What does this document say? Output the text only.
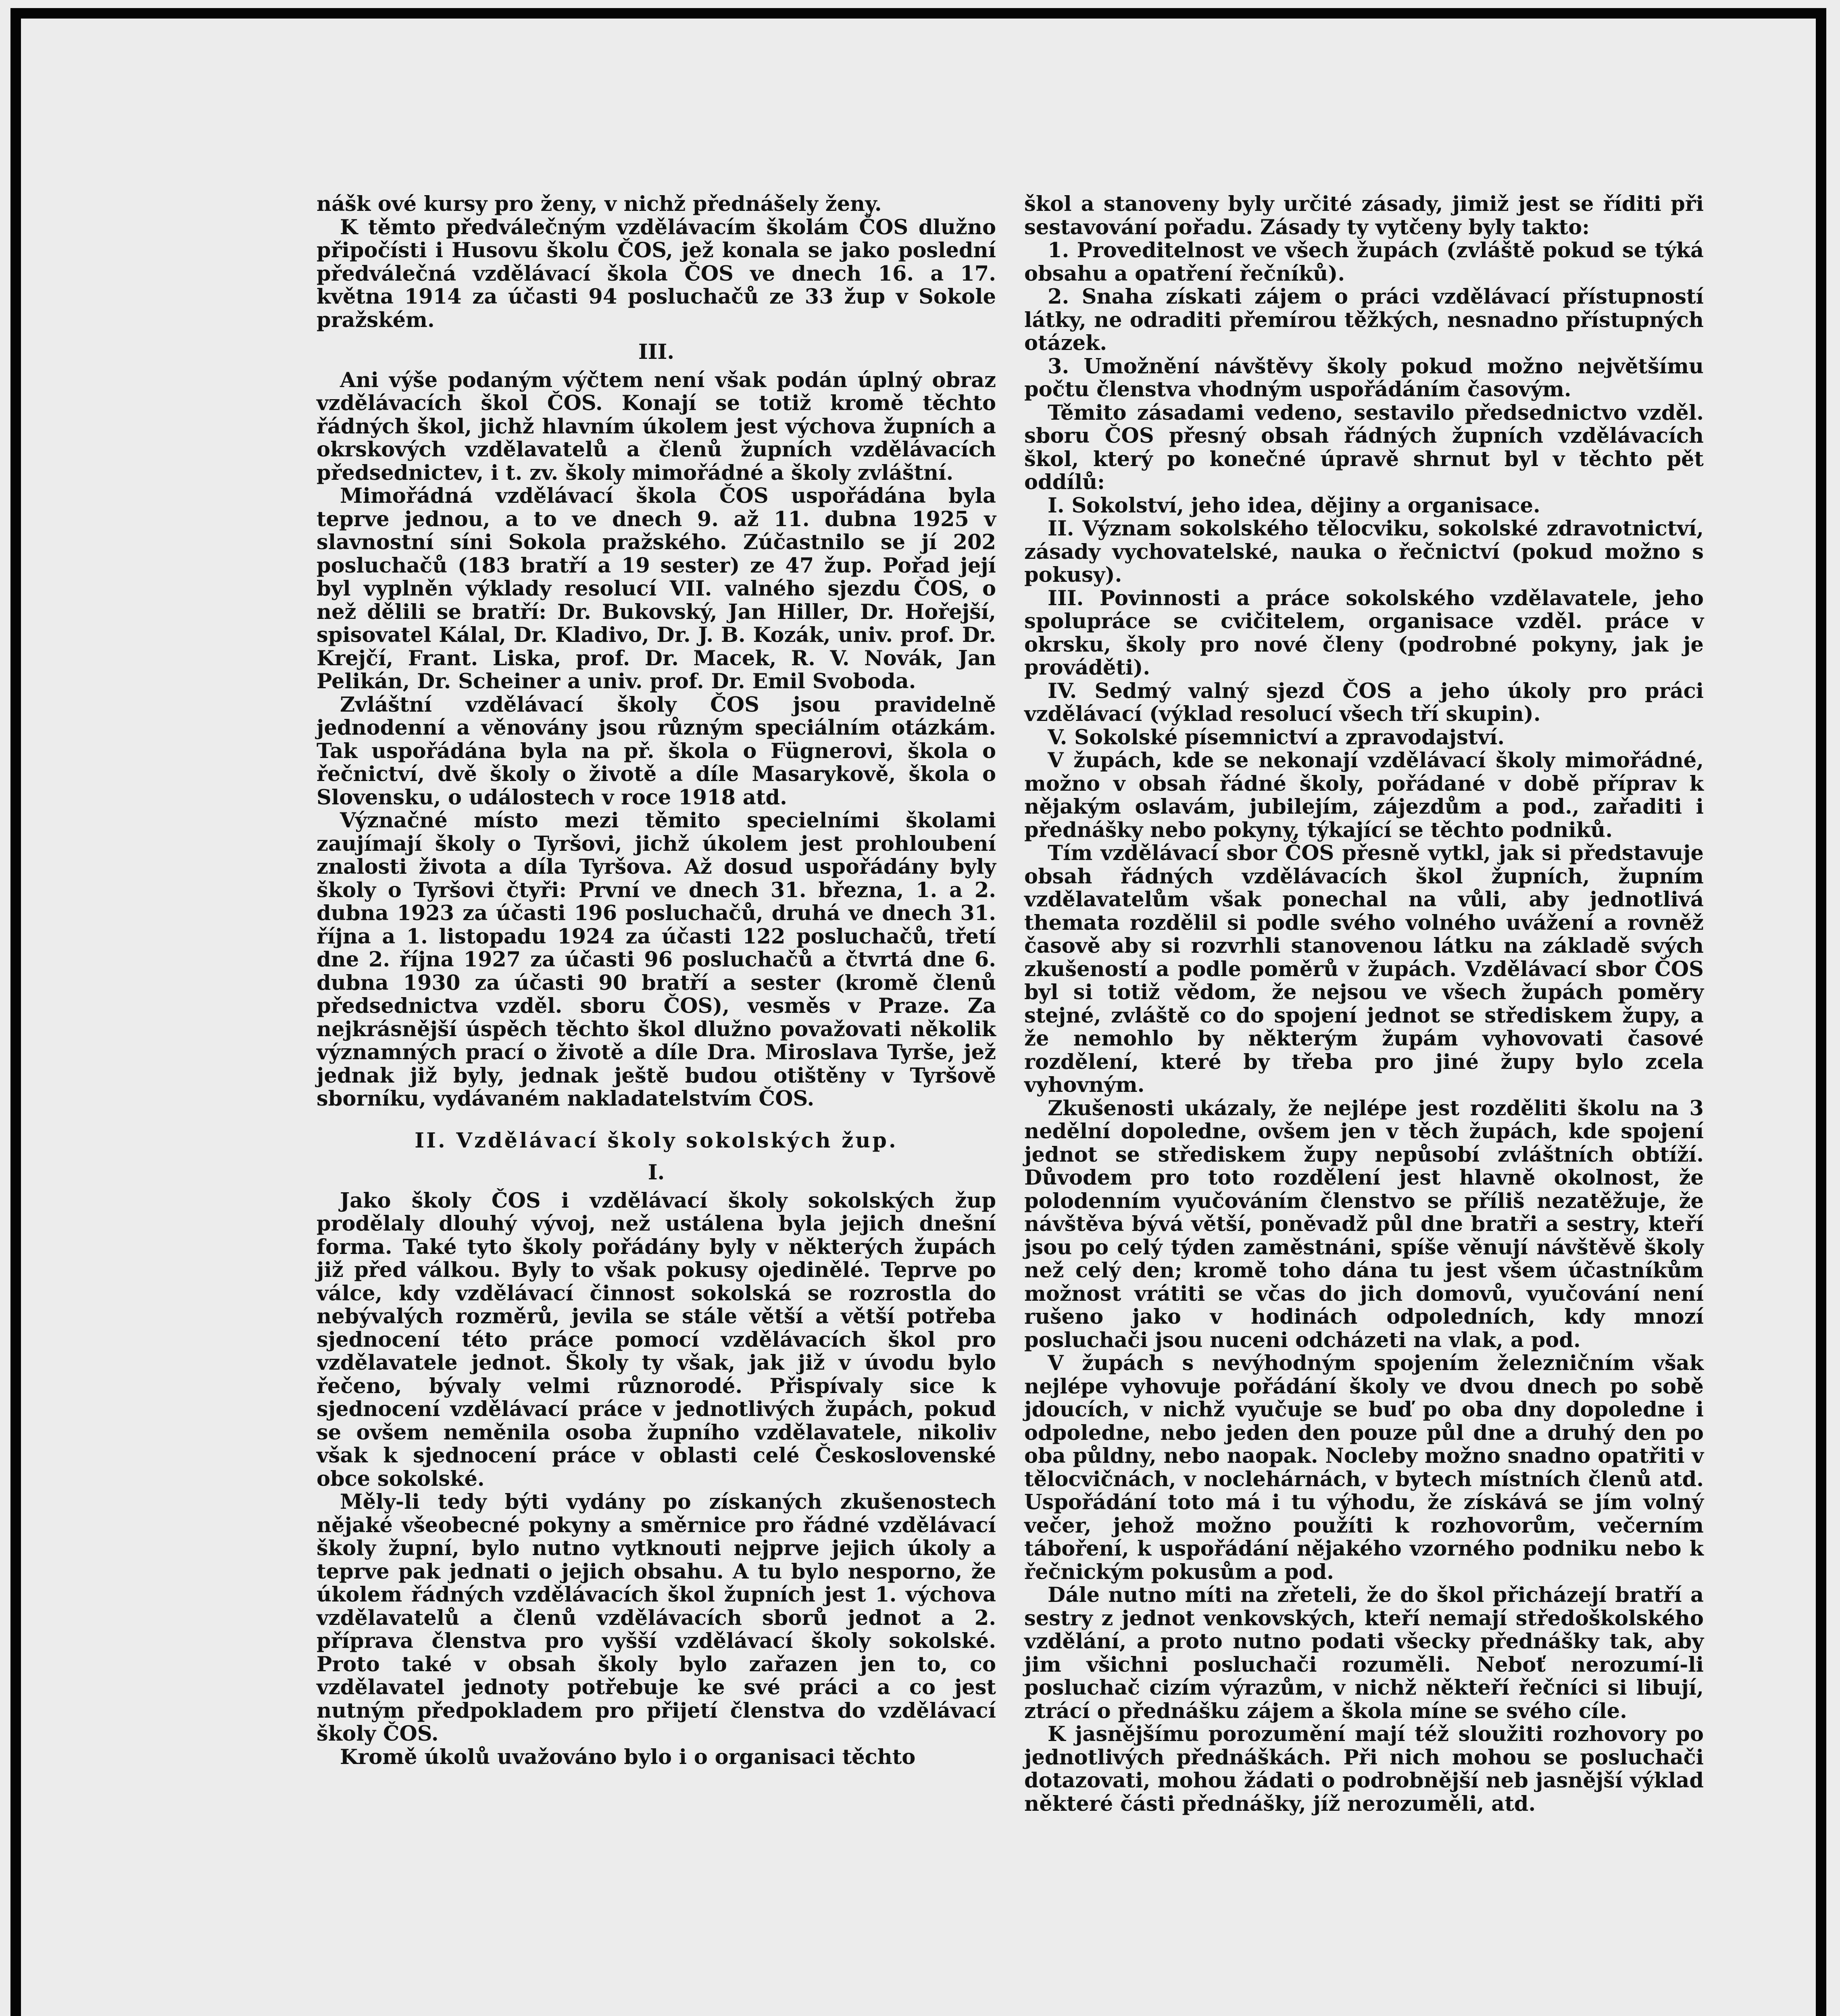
nášk ové kursy pro ženy, v nichž přednášely ženy.

K těmto předválečným vzdělávacím školám ČOS dlužno připočísti i Husovu školu ČOS, jež konala se jako poslední předválečná vzdělávací škola ČOS ve dnech 16. a 17. května 1914 za účasti 94 posluchačů ze 33 žup v Sokole pražském.

III.

Ani výše podaným výčtem není však podán úplný obraz vzdělávacích škol ČOS. Konají se totiž kromě těchto řádných škol, jichž hlavním úkolem jest výchova župních a okrskových vzdělavatelů a členů župních vzdělávacích předsednictev, i t. zv. školy mimořádné a školy zvláštní.

Mimořádná vzdělávací škola ČOS uspořádána byla teprve jednou, a to ve dnech 9. až 11. dubna 1925 v slavnostní síni Sokola pražského. Zúčastnilo se jí 202 posluchačů (183 bratří a 19 sester) ze 47 žup. Pořad její byl vyplněn výklady resolucí VII. valného sjezdu ČOS, o než dělili se bratří: Dr. Bukovský, Jan Hiller, Dr. Hořejší, spisovatel Kálal, Dr. Kladivo, Dr. J. B. Kozák, univ. prof. Dr. Krejčí, Frant. Liska, prof. Dr. Macek, R. V. Novák, Jan Pelikán, Dr. Scheiner a univ. prof. Dr. Emil Svoboda.

Zvláštní vzdělávací školy ČOS jsou pravidelně jednodenní a věnovány jsou různým speciálním otázkám. Tak uspořádána byla na př. škola o Fügnerovi, škola o řečnictví, dvě školy o životě a díle Masarykově, škola o Slovensku, o událostech v roce 1918 atd.

Význačné místo mezi těmito specielními školami zaujímají školy o Tyršovi, jichž úkolem jest prohloubení znalosti života a díla Tyršova. Až dosud uspořádány byly školy o Tyršovi čtyři: První ve dnech 31. března, 1. a 2. dubna 1923 za účasti 196 posluchačů, druhá ve dnech 31. října a 1. listopadu 1924 za účasti 122 posluchačů, třetí dne 2. října 1927 za účasti 96 posluchačů a čtvrtá dne 6. dubna 1930 za účasti 90 bratří a sester (kromě členů předsednictva vzděl. sboru ČOS), vesměs v Praze. Za nejkrásnější úspěch těchto škol dlužno považovati několik významných prací o životě a díle Dra. Miroslava Tyrše, jež jednak již byly, jednak ještě budou otištěny v Tyršově sborníku, vydávaném nakladatelstvím ČOS.

II. Vzdělávací školy sokolských žup.
I.

Jako školy ČOS i vzdělávací školy sokolských žup prodělaly dlouhý vývoj, než ustálena byla jejich dnešní forma. Také tyto školy pořádány byly v některých župách již před válkou. Byly to však pokusy ojedinělé. Teprve po válce, kdy vzdělávací činnost sokolská se rozrostla do nebývalých rozměrů, jevila se stále větší a větší potřeba sjednocení této práce pomocí vzdělávacích škol pro vzdělavatele jednot. Školy ty však, jak již v úvodu bylo řečeno, bývaly velmi různorodé. Přispívaly sice k sjednocení vzdělávací práce v jednotlivých župách, pokud se ovšem neměnila osoba župního vzdělavatele, nikoliv však k sjednocení práce v oblasti celé Československé obce sokolské.

Měly-li tedy býti vydány po získaných zkušenostech nějaké všeobecné pokyny a směrnice pro řádné vzdělávací školy župní, bylo nutno vytknouti nejprve jejich úkoly a teprve pak jednati o jejich obsahu. A tu bylo nesporno, že úkolem řádných vzdělávacích škol župních jest 1. výchova vzdělavatelů a členů vzdělávacích sborů jednot a 2. příprava členstva pro vyšší vzdělávací školy sokolské. Proto také v obsah školy bylo zařazen jen to, co vzdělavatel jednoty potřebuje ke své práci a co jest nutným předpokladem pro přijetí členstva do vzdělávací školy ČOS.

Kromě úkolů uvažováno bylo i o organisaci těchto

škol a stanoveny byly určité zásady, jimiž jest se říditi při sestavování pořadu. Zásady ty vytčeny byly takto:

1. Proveditelnost ve všech župách (zvláště pokud se týká obsahu a opatření řečníků).

2. Snaha získati zájem o práci vzdělávací přístupností látky, ne odraditi přemírou těžkých, nesnadno přístupných otázek.

3. Umožnění návštěvy školy pokud možno největšímu počtu členstva vhodným uspořádáním časovým.

Těmito zásadami vedeno, sestavilo předsednictvo vzděl. sboru ČOS přesný obsah řádných župních vzdělávacích škol, který po konečné úpravě shrnut byl v těchto pět oddílů:

I. Sokolství, jeho idea, dějiny a organisace.

II. Význam sokolského tělocviku, sokolské zdravotnictví, zásady vychovatelské, nauka o řečnictví (pokud možno s pokusy).

III. Povinnosti a práce sokolského vzdělavatele, jeho spolupráce se cvičitelem, organisace vzděl. práce v okrsku, školy pro nové členy (podrobné pokyny, jak je prováděti).

IV. Sedmý valný sjezd ČOS a jeho úkoly pro práci vzdělávací (výklad resolucí všech tří skupin).

V. Sokolské písemnictví a zpravodajství.

V župách, kde se nekonají vzdělávací školy mimořádné, možno v obsah řádné školy, pořádané v době příprav k nějakým oslavám, jubilejím, zájezdům a pod., zařaditi i přednášky nebo pokyny, týkající se těchto podniků.

Tím vzdělávací sbor ČOS přesně vytkl, jak si představuje obsah řádných vzdělávacích škol župních, župním vzdělavatelům však ponechal na vůli, aby jednotlivá themata rozdělil si podle svého volného uvážení a rovněž časově aby si rozvrhli stanovenou látku na základě svých zkušeností a podle poměrů v župách. Vzdělávací sbor ČOS byl si totiž vědom, že nejsou ve všech župách poměry stejné, zvláště co do spojení jednot se střediskem župy, a že nemohlo by některým župám vyhovovati časové rozdělení, které by třeba pro jiné župy bylo zcela vyhovným.

Zkušenosti ukázaly, že nejlépe jest rozděliti školu na 3 nedělní dopoledne, ovšem jen v těch župách, kde spojení jednot se střediskem župy nepůsobí zvláštních obtíží. Důvodem pro toto rozdělení jest hlavně okolnost, že polodenním vyučováním členstvo se příliš nezatěžuje, že návštěva bývá větší, poněvadž půl dne bratři a sestry, kteří jsou po celý týden zaměstnáni, spíše věnují návštěvě školy než celý den; kromě toho dána tu jest všem účastníkům možnost vrátiti se včas do jich domovů, vyučování není rušeno jako v hodinách odpoledních, kdy mnozí posluchači jsou nuceni odcházeti na vlak, a pod.

V župách s nevýhodným spojením železničním však nejlépe vyhovuje pořádání školy ve dvou dnech po sobě jdoucích, v nichž vyučuje se buď po oba dny dopoledne i odpoledne, nebo jeden den pouze půl dne a druhý den po oba půldny, nebo naopak. Nocleby možno snadno opatřiti v tělocvičnách, v noclehárnách, v bytech místních členů atd. Uspořádání toto má i tu výhodu, že získává se jím volný večer, jehož možno použíti k rozhovorům, večerním táboření, k uspořádání nějakého vzorného podniku nebo k řečnickým pokusům a pod.

Dále nutno míti na zřeteli, že do škol přicházejí bratří a sestry z jednot venkovských, kteří nemají středoškolského vzdělání, a proto nutno podati všecky přednášky tak, aby jim všichni posluchači rozuměli. Neboť nerozumí-li posluchač cizím výrazům, v nichž někteří řečníci si libují, ztrácí o přednášku zájem a škola míne se svého cíle.

K jasnějšímu porozumění mají též sloužiti rozhovory po jednotlivých přednáškách. Při nich mohou se posluchači dotazovati, mohou žádati o podrobnější neb jasnější výklad některé části přednášky, jíž nerozuměli, atd.
